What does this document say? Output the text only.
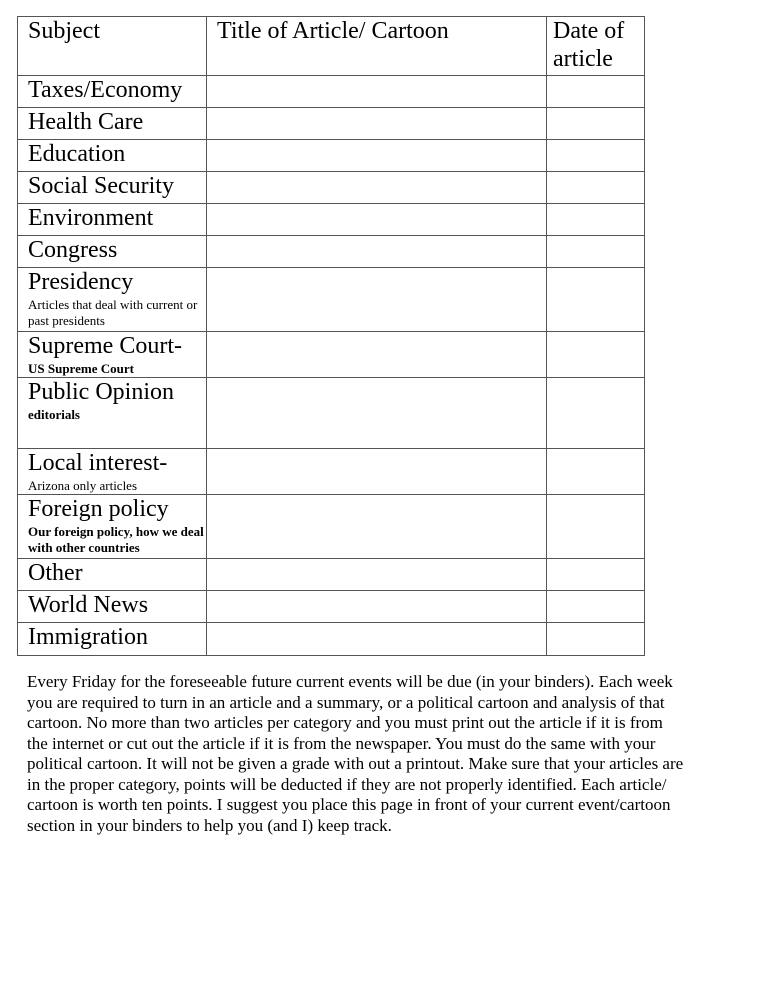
Subject	Title of Article/ Cartoon	Date of article

Taxes/Economy		

Health Care		

Education		

Social Security		

Environment		

Congress		

Presidency
Articles that deal with current or past presidents		

Supreme Court-
US Supreme Court		

Public Opinion
editorials		

Local interest-
Arizona only articles		

Foreign policy
Our foreign policy, how we deal with other countries		

Other		

World News		

Immigration		

Every Friday for the foreseeable future current events will be due (in your binders). Each week you are required to turn in an article and a summary, or a political cartoon and analysis of that cartoon. No more than two articles per category and you must print out the article if it is from the internet or cut out the article if it is from the newspaper. You must do the same with your political cartoon. It will not be given a grade with out a printout. Make sure that your articles are in the proper category, points will be deducted if they are not properly identified. Each article/ cartoon is worth ten points. I suggest you place this page in front of your current event/cartoon section in your binders to help you (and I) keep track.
